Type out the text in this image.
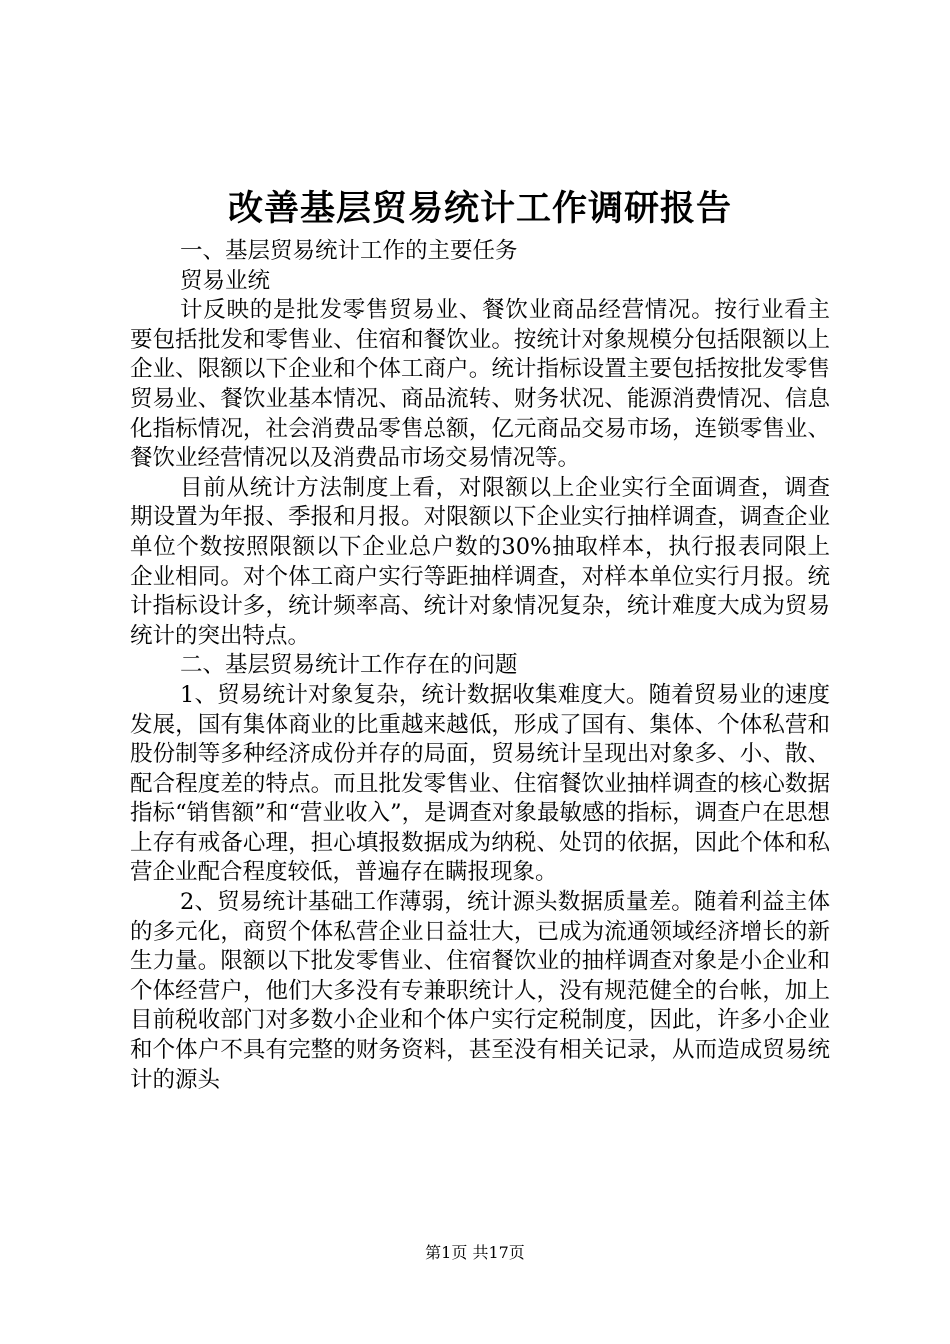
改善基层贸易统计工作调研报告

一、基层贸易统计工作的主要任务

贸易业统

计反映的是批发零售贸易业、餐饮业商品经营情况。按行业看主要包括批发和零售业、住宿和餐饮业。按统计对象规模分包括限额以上企业、限额以下企业和个体工商户。统计指标设置主要包括按批发零售贸易业、餐饮业基本情况、商品流转、财务状况、能源消费情况、信息化指标情况，社会消费品零售总额，亿元商品交易市场，连锁零售业、餐饮业经营情况以及消费品市场交易情况等。

目前从统计方法制度上看，对限额以上企业实行全面调查，调查期设置为年报、季报和月报。对限额以下企业实行抽样调查，调查企业单位个数按照限额以下企业总户数的30%抽取样本，执行报表同限上企业相同。对个体工商户实行等距抽样调查，对样本单位实行月报。统计指标设计多，统计频率高、统计对象情况复杂，统计难度大成为贸易统计的突出特点。

二、基层贸易统计工作存在的问题

1、贸易统计对象复杂，统计数据收集难度大。随着贸易业的速度发展，国有集体商业的比重越来越低，形成了国有、集体、个体私营和股份制等多种经济成份并存的局面，贸易统计呈现出对象多、小、散、配合程度差的特点。而且批发零售业、住宿餐饮业抽样调查的核心数据指标“销售额”和“营业收入”，是调查对象最敏感的指标，调查户在思想上存有戒备心理，担心填报数据成为纳税、处罚的依据，因此个体和私营企业配合程度较低，普遍存在瞒报现象。

2、贸易统计基础工作薄弱，统计源头数据质量差。随着利益主体的多元化，商贸个体私营企业日益壮大，已成为流通领域经济增长的新生力量。限额以下批发零售业、住宿餐饮业的抽样调查对象是小企业和个体经营户，他们大多没有专兼职统计人，没有规范健全的台帐，加上目前税收部门对多数小企业和个体户实行定税制度，因此，许多小企业和个体户不具有完整的财务资料，甚至没有相关记录，从而造成贸易统计的源头

第1页 共17页
